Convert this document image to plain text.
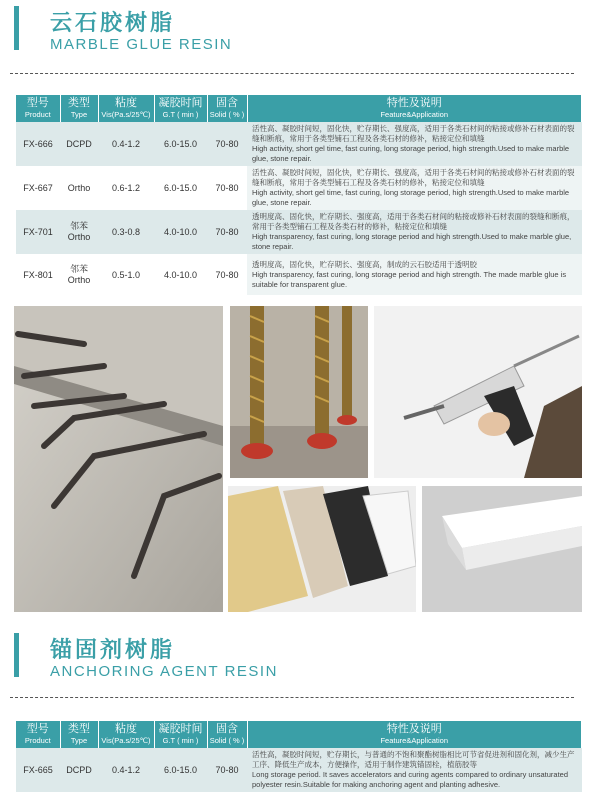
云石胶树脂
MARBLE GLUE RESIN
型号
Product	类型
Type	粘度
Vis(Pa.s/25℃)	凝胶时间
G.T ( min )	固含
Solid ( % )	特性及说明
Feature&Application

FX-666	DCPD	0.4-1.2	6.0-15.0	70-80	活性高、凝胶时间短，固化快，贮存期长、强度高，适用于各类石材间的粘接或修补石材表面的裂缝和断痕，常用于各类型铺石工程及各类石材的修补，粘接定位和填缝
High activity, short gel time, fast curing, long storage period, high strength.Used to make marble glue, stone repair.

FX-667	Ortho	0.6-1.2	6.0-15.0	70-80	活性高、凝胶时间短，固化快，贮存期长、强度高，适用于各类石材间的粘接或修补石材表面的裂缝和断痕，常用于各类型铺石工程及各类石材的修补，粘接定位和填缝
High activity, short gel time, fast curing, long storage period, high strength.Used to make marble glue, stone repair.

FX-701	邻苯
Ortho	0.3-0.8	4.0-10.0	70-80	透明度高、固化快，贮存期长、强度高，适用于各类石材间的粘接或修补石材表面的裂缝和断痕，常用于各类型铺石工程及各类石材的修补，粘接定位和填缝
High transparency, fast curing, long storage period and high strength.Used to make marble glue, stone repair.

FX-801	邻苯
Ortho	0.5-1.0	4.0-10.0	70-80	透明度高，固化快，贮存期长、强度高，制成的云石胶适用于透明胶
High transparency, fast curing, long storage period and high strength. The made marble glue is suitable for transparent glue.
锚固剂树脂
ANCHORING AGENT RESIN
型号
Product	类型
Type	粘度
Vis(Pa.s/25℃)	凝胶时间
G.T ( min )	固含
Solid ( % )	特性及说明
Feature&Application

FX-665	DCPD	0.4-1.2	6.0-15.0	70-80	活性高，凝胶时间短，贮存期长，与普通的不饱和聚酯树脂相比可节省促进剂和固化剂，减少生产工序、降低生产成本，方便操作，适用于制作建筑锚固栓，植筋胶等
Long storage period. It saves accelerators and curing agents compared to ordinary unsaturated polyester resin.Suitable for making anchoring agent and planting adhesive.
